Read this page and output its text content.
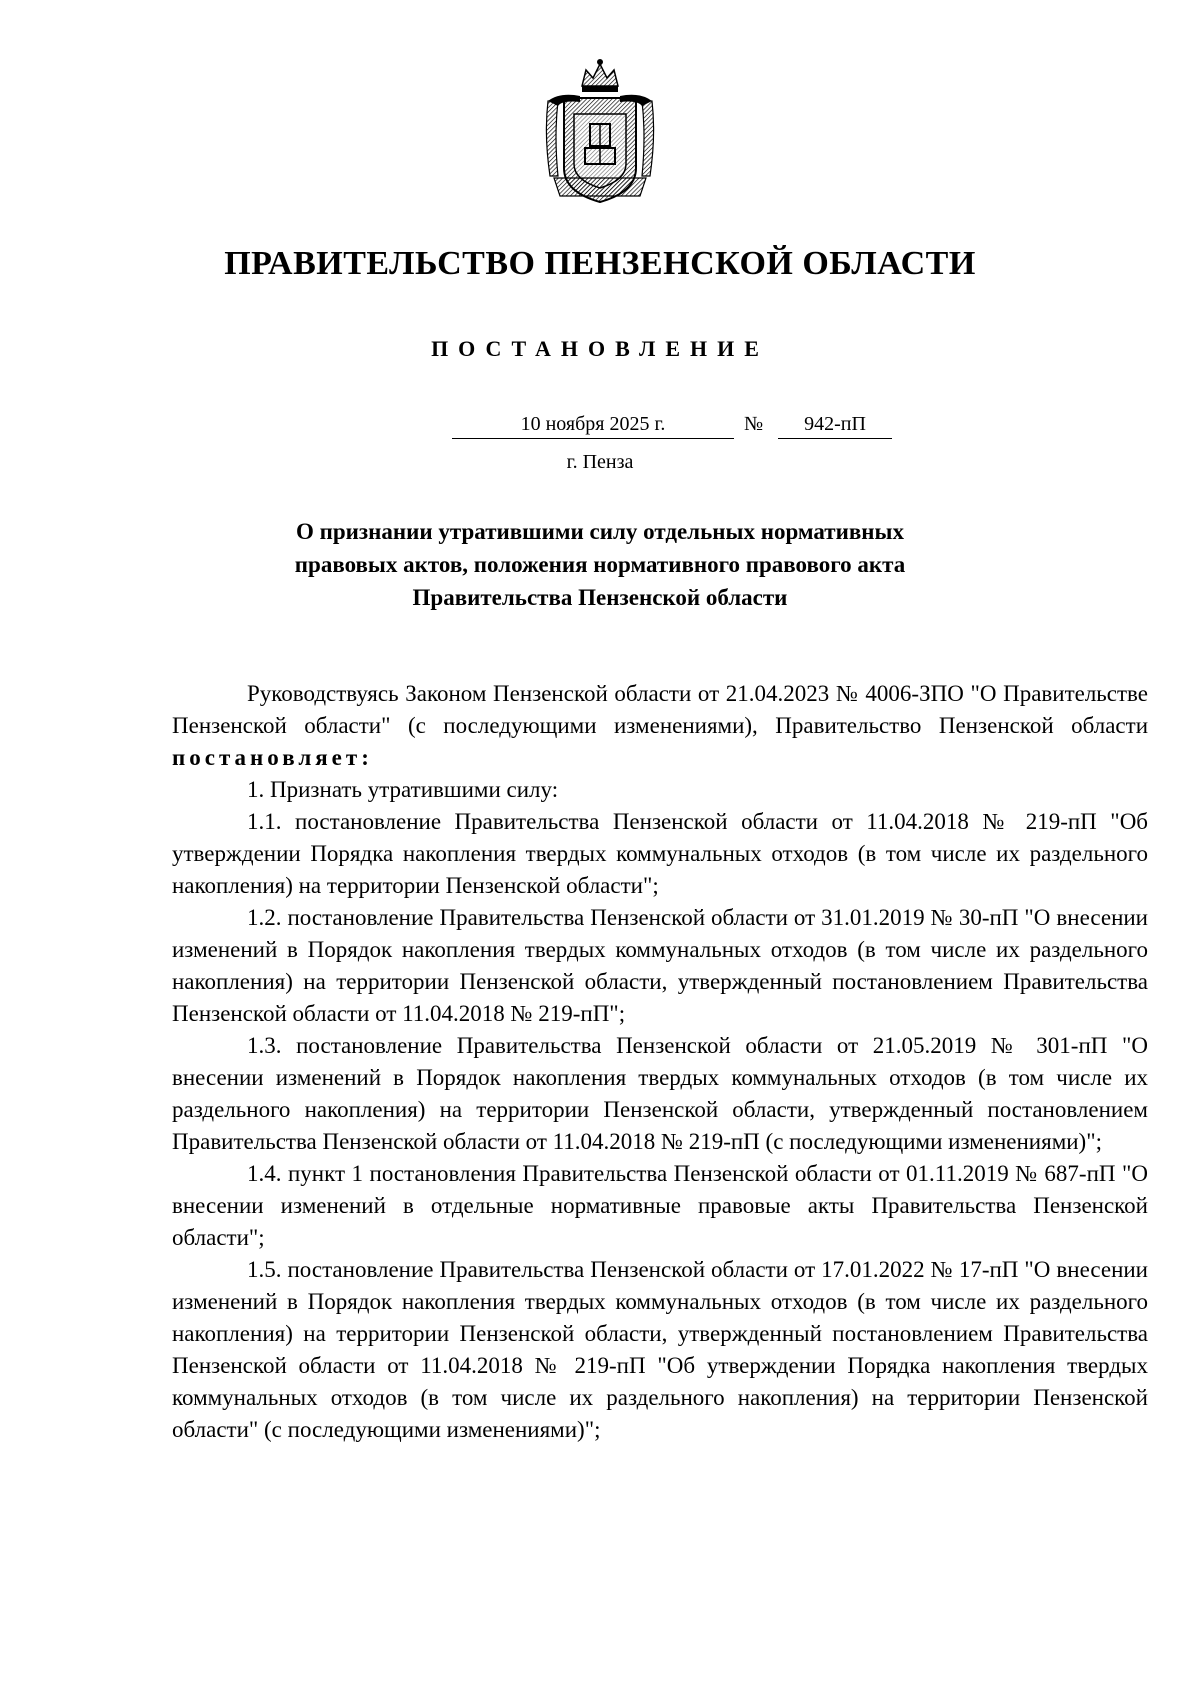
ПРАВИТЕЛЬСТВО ПЕНЗЕНСКОЙ ОБЛАСТИ
ПОСТАНОВЛЕНИЕ
10 ноября 2025 г.	№	942-пП
г. Пенза
О признании утратившими силу отдельных нормативных
правовых актов, положения нормативного правового акта
Правительства Пензенской области

Руководствуясь Законом Пензенской области от 21.04.2023 № 4006-ЗПО "О Правительстве Пензенской области" (с последующими изменениями), Правительство Пензенской области постановляет:

1. Признать утратившими силу:

1.1. постановление Правительства Пензенской области от 11.04.2018 № 219-пП "Об утверждении Порядка накопления твердых коммунальных отходов (в том числе их раздельного накопления) на территории Пензенской области";

1.2. постановление Правительства Пензенской области от 31.01.2019 № 30-пП "О внесении изменений в Порядок накопления твердых коммунальных отходов (в том числе их раздельного накопления) на территории Пензенской области, утвержденный постановлением Правительства Пензенской области от 11.04.2018 № 219-пП";

1.3. постановление Правительства Пензенской области от 21.05.2019 № 301-пП "О внесении изменений в Порядок накопления твердых коммунальных отходов (в том числе их раздельного накопления) на территории Пензенской области, утвержденный постановлением Правительства Пензенской области от 11.04.2018 № 219-пП (с последующими изменениями)";

1.4. пункт 1 постановления Правительства Пензенской области от 01.11.2019 № 687-пП "О внесении изменений в отдельные нормативные правовые акты Правительства Пензенской области";

1.5. постановление Правительства Пензенской области от 17.01.2022 № 17-пП "О внесении изменений в Порядок накопления твердых коммунальных отходов (в том числе их раздельного накопления) на территории Пензенской области, утвержденный постановлением Правительства Пензенской области от 11.04.2018 № 219-пП "Об утверждении Порядка накопления твердых коммунальных отходов (в том числе их раздельного накопления) на территории Пензенской области" (с последующими изменениями)";
